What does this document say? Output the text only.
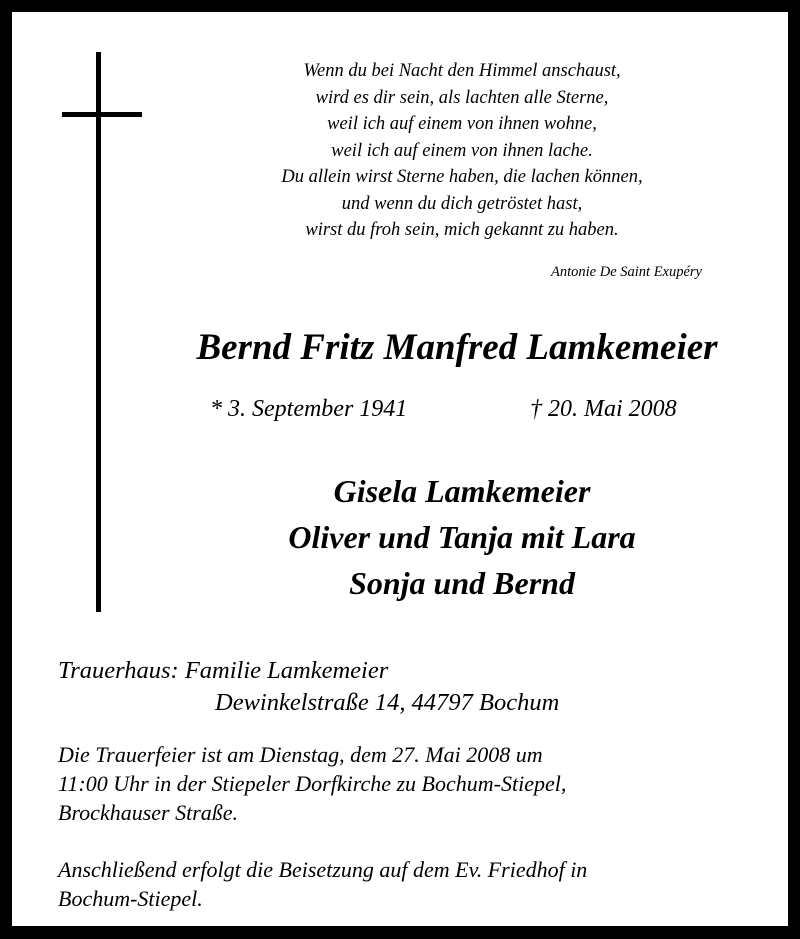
Wenn du bei Nacht den Himmel anschaust,
wird es dir sein, als lachten alle Sterne,
weil ich auf einem von ihnen wohne,
weil ich auf einem von ihnen lache.
Du allein wirst Sterne haben, die lachen können,
und wenn du dich getröstet hast,
wirst du froh sein, mich gekannt zu haben.
Antonie De Saint Exupéry
Bernd Fritz Manfred Lamkemeier
* 3. September 1941	† 20. Mai 2008
Gisela Lamkemeier
Oliver und Tanja mit Lara
Sonja und Bernd
Trauerhaus: Familie Lamkemeier
Dewinkelstraße 14, 44797 Bochum
Die Trauerfeier ist am Dienstag, dem 27. Mai 2008 um
11:00 Uhr in der Stiepeler Dorfkirche zu Bochum-Stiepel,
Brockhauser Straße.
Anschließend erfolgt die Beisetzung auf dem Ev. Friedhof in
Bochum-Stiepel.
